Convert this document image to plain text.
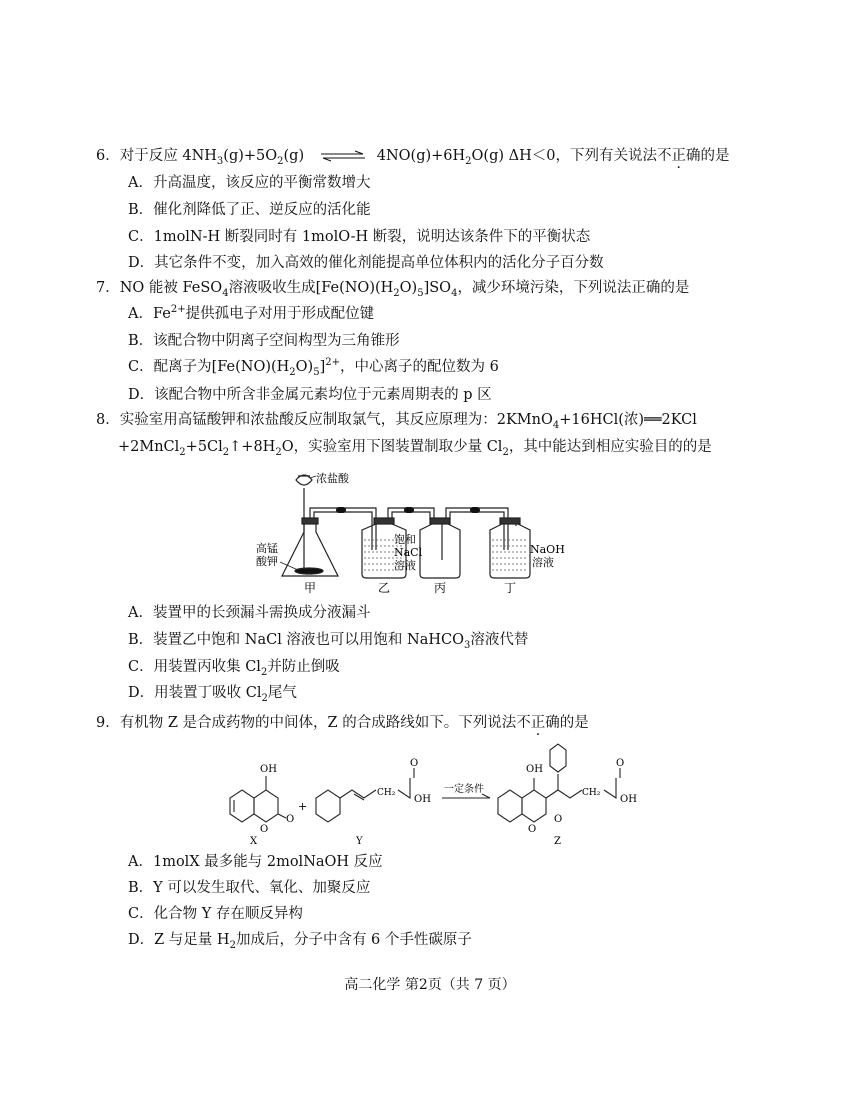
6．对于反应 $4NH_3(g)+5O_2(g)$ ⇌ $4NO(g)+6H_2O(g)$ ΔH＜0，下列有关说法不正确的是
A．升高温度，该反应的平衡常数增大
B．催化剂降低了正、逆反应的活化能
C．1molN-H 断裂同时有 1molO-H 断裂，说明达该条件下的平衡状态
D．其它条件不变，加入高效的催化剂能提高单位体积内的活化分子百分数
7．NO 能被 FeSO$_4$溶液吸收生成$[Fe(NO)(H_2O)_5]SO_4$，减少环境污染，下列说法正确的是
A．$Fe^{2+}$提供孤电子对用于形成配位键
B．该配合物中阴离子空间构型为三角锥形
C．配离子为$[Fe(NO)(H_2O)_5]^{2+}$，中心离子的配位数为 6
D．该配合物中所含非金属元素均位于元素周期表的 p 区
8．实验室用高锰酸钾和浓盐酸反应制取氯气，其反应原理为：2KMnO$_4$+16HCl(浓)══2KCl
$+2MnCl_2+5Cl_2↑+8H_2O$，实验室用下图装置制取少量 $Cl_2$，其中能达到相应实验目的的是
浓盐酸
高锰
酸钾
饱和
NaCl
溶液
NaOH
溶液
甲	乙	丙	丁
A．装置甲的长颈漏斗需换成分液漏斗
B．装置乙中饱和 NaCl 溶液也可以用饱和 NaHCO$_3$溶液代替
C．用装置丙收集 $Cl_2$并防止倒吸
D．用装置丁吸收 $Cl_2$尾气
9．有机物 Z 是合成药物的中间体，Z 的合成路线如下。下列说法不正确的是
OH
O
O
X
+
CH₂
O
OH
Y
一定条件
OH
O
O
CH₂
O
OH
Z
A．1molX 最多能与 2molNaOH 反应
B．Y 可以发生取代、氧化、加聚反应
C．化合物 Y 存在顺反异构
D．Z 与足量 $H_2$加成后，分子中含有 6 个手性碳原子
高二化学 第2页（共 7 页）
